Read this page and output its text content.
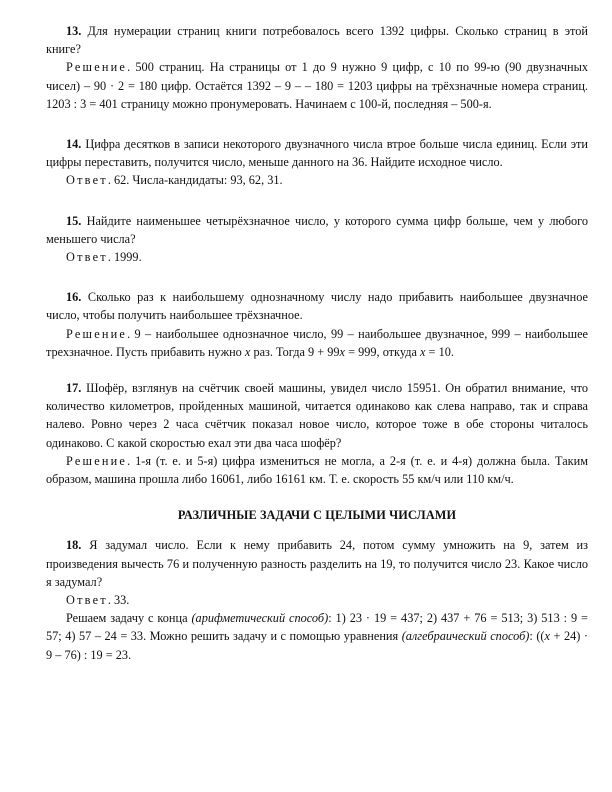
13. Для нумерации страниц книги потребовалось всего 1392 цифры. Сколько страниц в этой книге?

Решение. 500 страниц. На страницы от 1 до 9 нужно 9 цифр, с 10 по 99-ю (90 двузначных чисел) – 90 · 2 = 180 цифр. Остаётся 1392 – 9 – – 180 = 1203 цифры на трёхзначные номера страниц. 1203 : 3 = 401 страницу можно пронумеровать. Начинаем с 100-й, последняя – 500-я.

14. Цифра десятков в записи некоторого двузначного числа втрое больше числа единиц. Если эти цифры переставить, получится число, меньше данного на 36. Найдите исходное число.

Ответ. 62. Числа-кандидаты: 93, 62, 31.

15. Найдите наименьшее четырёхзначное число, у которого сумма цифр больше, чем у любого меньшего числа?

Ответ. 1999.

16. Сколько раз к наибольшему однозначному числу надо прибавить наибольшее двузначное число, чтобы получить наибольшее трёхзначное.

Решение. 9 – наибольшее однозначное число, 99 – наибольшее двузначное, 999 – наибольшее трехзначное. Пусть прибавить нужно x раз. Тогда 9 + 99x = 999, откуда x = 10.

17. Шофёр, взглянув на счётчик своей машины, увидел число 15951. Он обратил внимание, что количество километров, пройденных машиной, читается одинаково как слева направо, так и справа налево. Ровно через 2 часа счётчик показал новое число, которое тоже в обе стороны читалось одинаково. С какой скоростью ехал эти два часа шофёр?

Решение. 1-я (т. е. и 5-я) цифра измениться не могла, а 2-я (т. е. и 4-я) должна была. Таким образом, машина прошла либо 16061, либо 16161 км. Т. е. скорость 55 км/ч или 110 км/ч.

РАЗЛИЧНЫЕ ЗАДАЧИ С ЦЕЛЫМИ ЧИСЛАМИ

18. Я задумал число. Если к нему прибавить 24, потом сумму умножить на 9, затем из произведения вычесть 76 и полученную разность разделить на 19, то получится число 23. Какое число я задумал?

Ответ. 33.

Решаем задачу с конца (арифметический способ): 1) 23 · 19 = 437; 2) 437 + 76 = 513; 3) 513 : 9 = 57; 4) 57 – 24 = 33. Можно решить задачу и с помощью уравнения (алгебраический способ): ((x + 24) · 9 – 76) : 19 = 23.
